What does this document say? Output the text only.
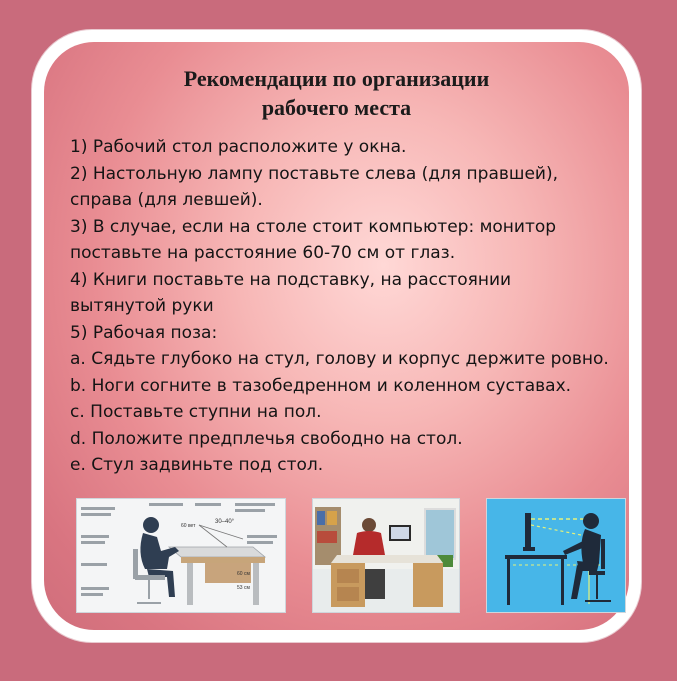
Рекомендации по организации
рабочего места
1) Рабочий стол расположите у окна.
2) Настольную лампу поставьте слева (для правшей),
справа (для левшей).
3) В случае, если на столе стоит компьютер: монитор
поставьте на расстояние 60-70 см от глаз.
4) Книги поставьте на подставку, на расстоянии
вытянутой руки
5) Рабочая поза:
a. Сядьте глубоко на стул, голову и корпус держите ровно.
b. Ноги согните в тазобедренном и коленном суставах.
c. Поставьте ступни на пол.
d. Положите предплечья свободно на стол.
e. Стул задвиньте под стол.
60 вет
30–40°
60 см
53 см
